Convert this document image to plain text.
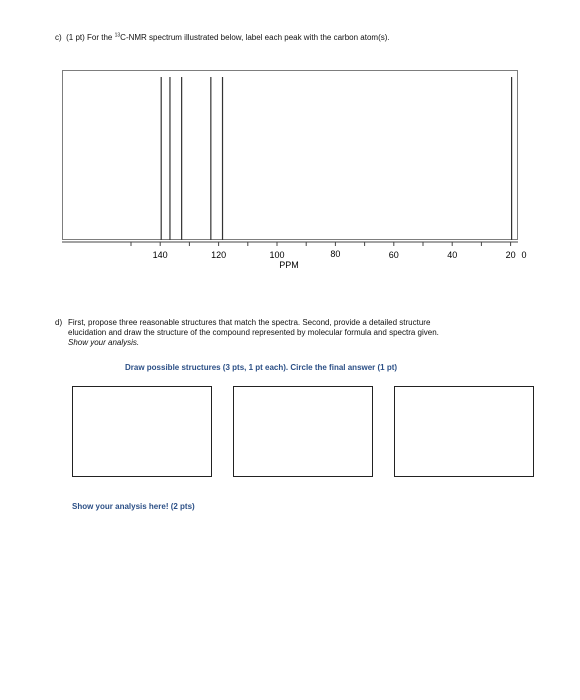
c) (1 pt) For the $^{13}$C-NMR spectrum illustrated below, label each peak with the carbon atom(s).
PPM
140	120	100	80	60	40	20 0
d) First, propose three reasonable structures that match the spectra. Second, provide a detailed structure
elucidation and draw the structure of the compound represented by molecular formula and spectra given.
Show your analysis.
Draw possible structures (3 pts, 1 pt each). Circle the final answer (1 pt)
Show your analysis here! (2 pts)
